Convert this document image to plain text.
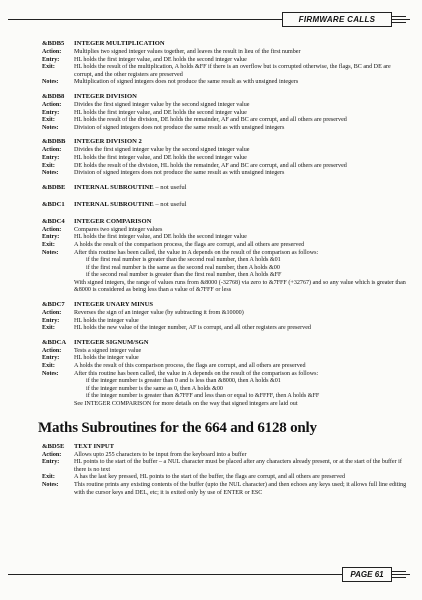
FIRMWARE CALLS
&BDB5 INTEGER MULTIPLICATION
Action:	Multiplies two signed integer values together, and leaves the result in lieu of the first number
Entry:	HL holds the first integer value, and DE holds the second integer value
Exit:	HL holds the result of the multiplication, A holds &FF if there is an overflow but is corrupted otherwise, the flags, BC and DE are corrupt, and the other registers are preserved
Notes:	Multiplication of signed integers does not produce the same result as with unsigned integers
&BDB8 INTEGER DIVISION
Action:	Divides the first signed integer value by the second signed integer value
Entry:	HL holds the first integer value, and DE holds the second integer value
Exit:	HL holds the result of the division, DE holds the remainder, AF and BC are corrupt, and all others are preserved
Notes:	Division of signed integers does not produce the same result as with unsigned integers
&BDBB INTEGER DIVISION 2
Action:	Divides the first signed integer value by the second signed integer value
Entry:	HL holds the first integer value, and DE holds the second integer value
Exit:	DE holds the result of the division, HL holds the remainder, AF and BC are corrupt, and all others are preserved
Notes:	Division of signed integers does not produce the same result as with unsigned integers
&BDBE INTERNAL SUBROUTINE – not useful
&BDC1 INTERNAL SUBROUTINE – not useful
&BDC4 INTEGER COMPARISON
Action:	Compares two signed integer values
Entry:	HL holds the first integer value, and DE holds the second integer value
Exit:	A holds the result of the comparison process, the flags are corrupt, and all others are preserved
Notes:	After this routine has been called, the value in A depends on the result of the comparison as follows:
if the first real number is greater than the second real number, then A holds &01
if the first real number is the same as the second real number, then A holds &00
if the second real number is greater than the first real number, then A holds &FF
With signed integers, the range of values runs from &8000 (-32768) via zero to &7FFF (+32767) and so any value which is greater than &8000 is considered as being less than a value of &7FFF or less
&BDC7 INTEGER UNARY MINUS
Action:	Reverses the sign of an integer value (by subtracting it from &10000)
Entry:	HL holds the integer value
Exit:	HL holds the new value of the integer number, AF is corrupt, and all other registers are preserved
&BDCA INTEGER SIGNUM/SGN
Action:	Tests a signed integer value
Entry:	HL holds the integer value
Exit:	A holds the result of this comparison process, the flags are corrupt, and all others are preserved
Notes:	After this routine has been called, the value in A depends on the result of the comparison as follows:
if the integer number is greater than 0 and is less than &8000, then A holds &01
if the integer number is the same as 0, then A holds &00
if the integer number is greater than &7FFF and less than or equal to &FFFF, then A holds &FF
See INTEGER COMPARISON for more details on the way that signed integers are laid out
Maths Subroutines for the 664 and 6128 only
&BD5E TEXT INPUT
Action:	Allows upto 255 characters to be input from the keyboard into a buffer
Entry:	HL points to the start of the buffer – a NUL character must be placed after any characters already present, or at the start of the buffer if there is no text
Exit:	A has the last key pressed, HL points to the start of the buffer, the flags are corrupt, and all others are preserved
Notes:	This routine prints any existing contents of the buffer (upto the NUL character) and then echoes any keys used; it allows full line editing with the cursor keys and DEL, etc; it is exited only by use of ENTER or ESC
PAGE 61
